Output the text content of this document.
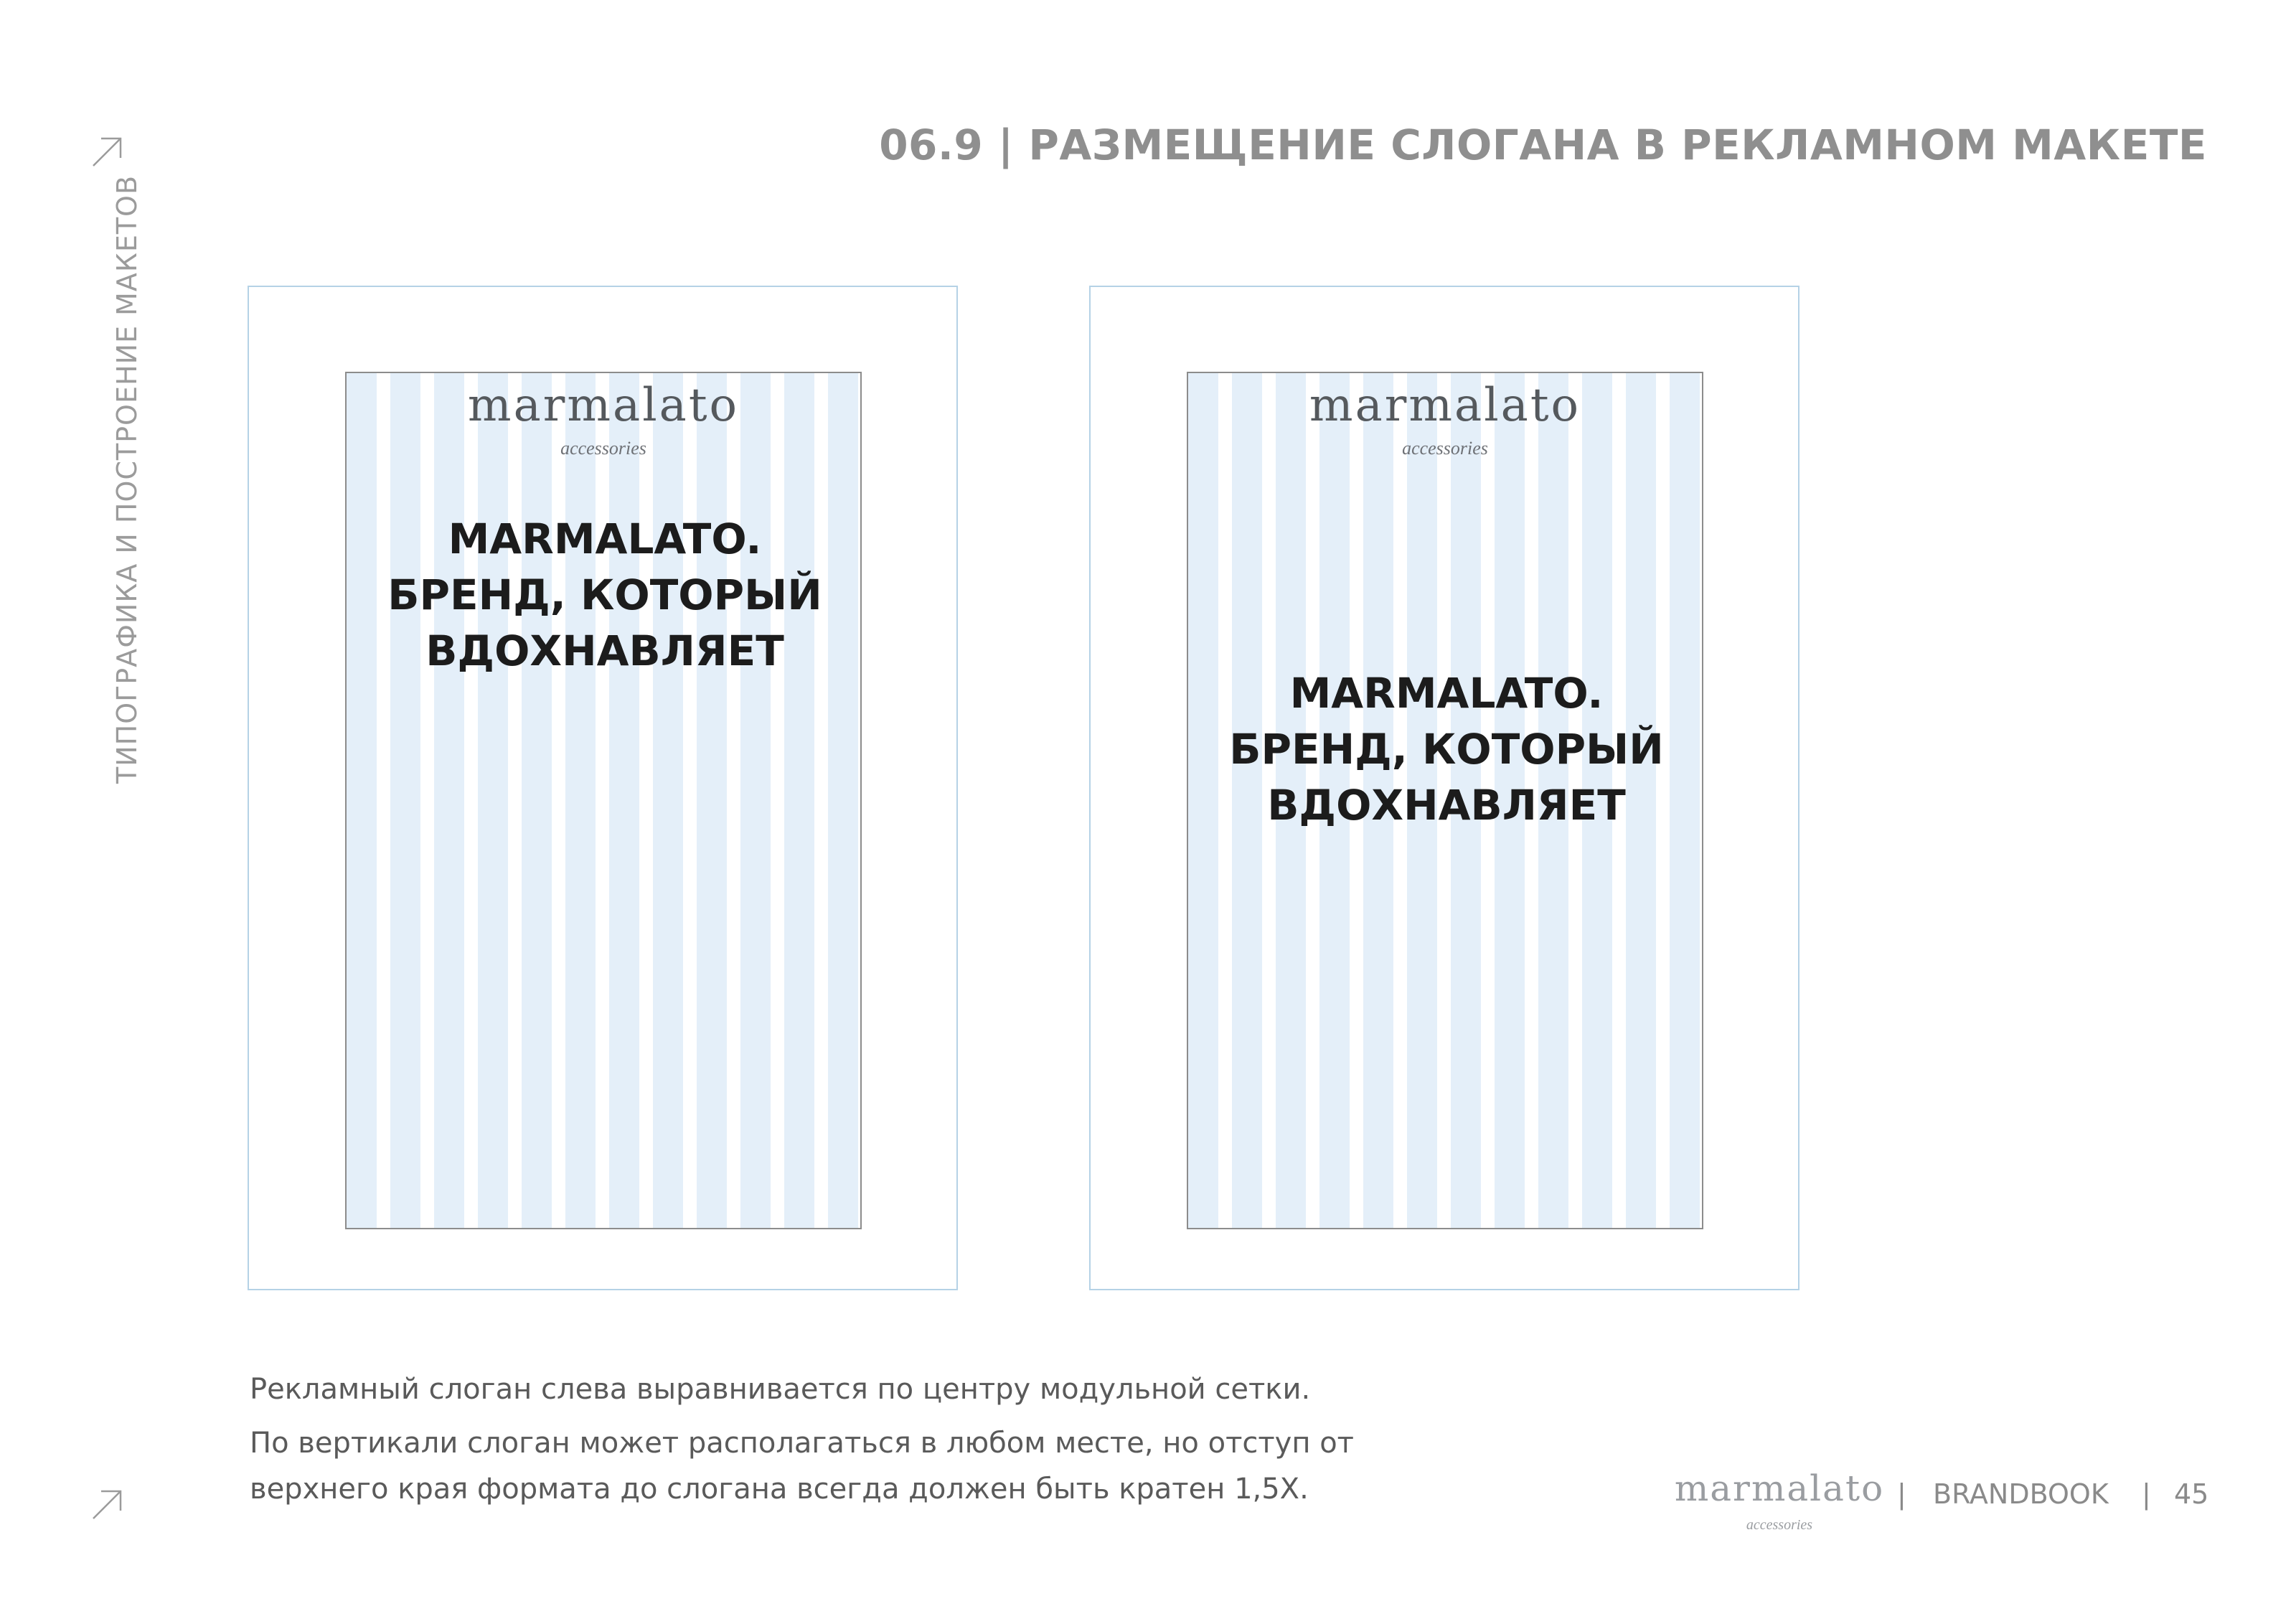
ТИПОГРАФИКА И ПОСТРОЕНИЕ МАКЕТОВ
06.9 | РАЗМЕЩЕНИЕ СЛОГАНА В РЕКЛАМНОМ МАКЕТЕ
marmalato
accessories
MARMALATO.
БРЕНД, КОТОРЫЙ
ВДОХНАВЛЯЕТ
marmalato
accessories
MARMALATO.
БРЕНД, КОТОРЫЙ
ВДОХНАВЛЯЕТ
Рекламный слоган слева выравнивается по центру модульной сетки.
По вертикали слоган может располагаться в любом месте, но отступ от
верхнего края формата до слогана всегда должен быть кратен 1,5Х.	marmalato
accessories
| BRANDBOOK | 45
